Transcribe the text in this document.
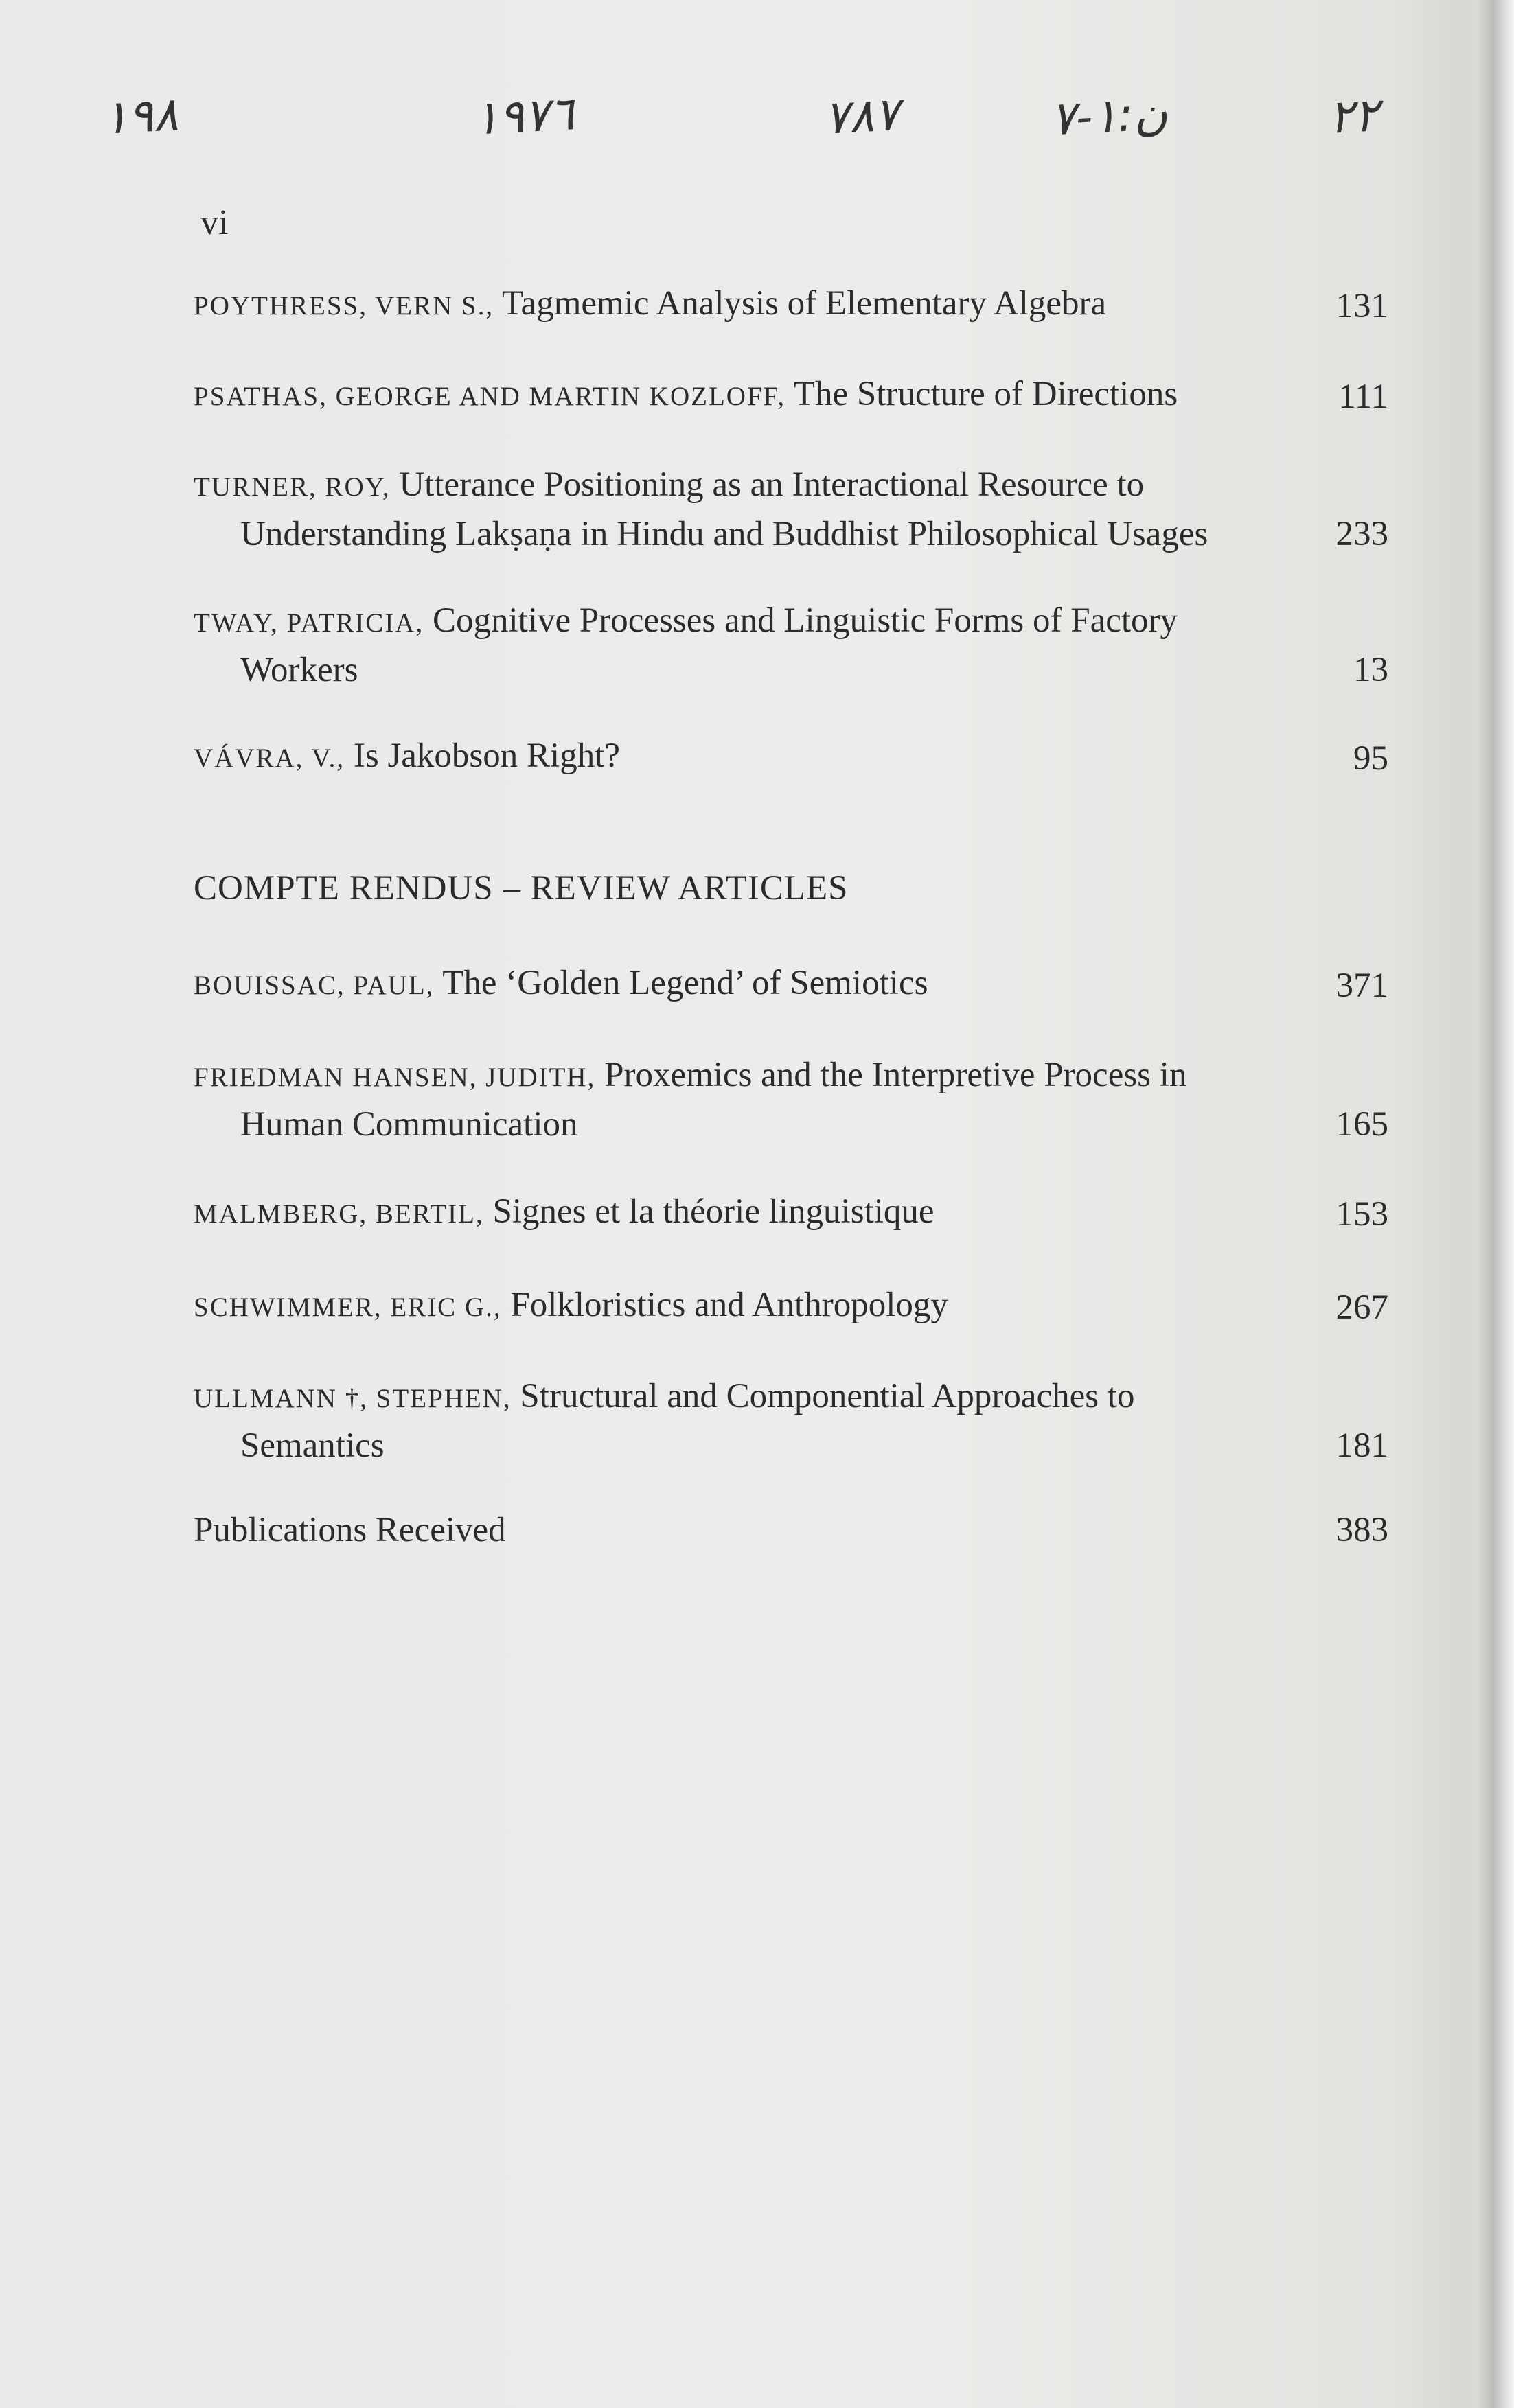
١٩٨	١٩٧٦	٧٨٧	ن:١-٧	٢٢
vi
POYTHRESS, VERN S., Tagmemic Analysis of Elementary Algebra	131
PSATHAS, GEORGE AND MARTIN KOZLOFF, The Structure of Directions	111
TURNER, ROY, Utterance Positioning as an Interactional Resource to
Understanding Lakṣaṇa in Hindu and Buddhist Philosophical Usages	233
TWAY, PATRICIA, Cognitive Processes and Linguistic Forms of Factory
Workers	13
VÁVRA, V., Is Jakobson Right?	95
COMPTE RENDUS – REVIEW ARTICLES
BOUISSAC, PAUL, The ‘Golden Legend’ of Semiotics	371
FRIEDMAN HANSEN, JUDITH, Proxemics and the Interpretive Process in
Human Communication	165
MALMBERG, BERTIL, Signes et la théorie linguistique	153
SCHWIMMER, ERIC G., Folkloristics and Anthropology	267
ULLMANN †, STEPHEN, Structural and Componential Approaches to
Semantics	181
Publications Received	383
